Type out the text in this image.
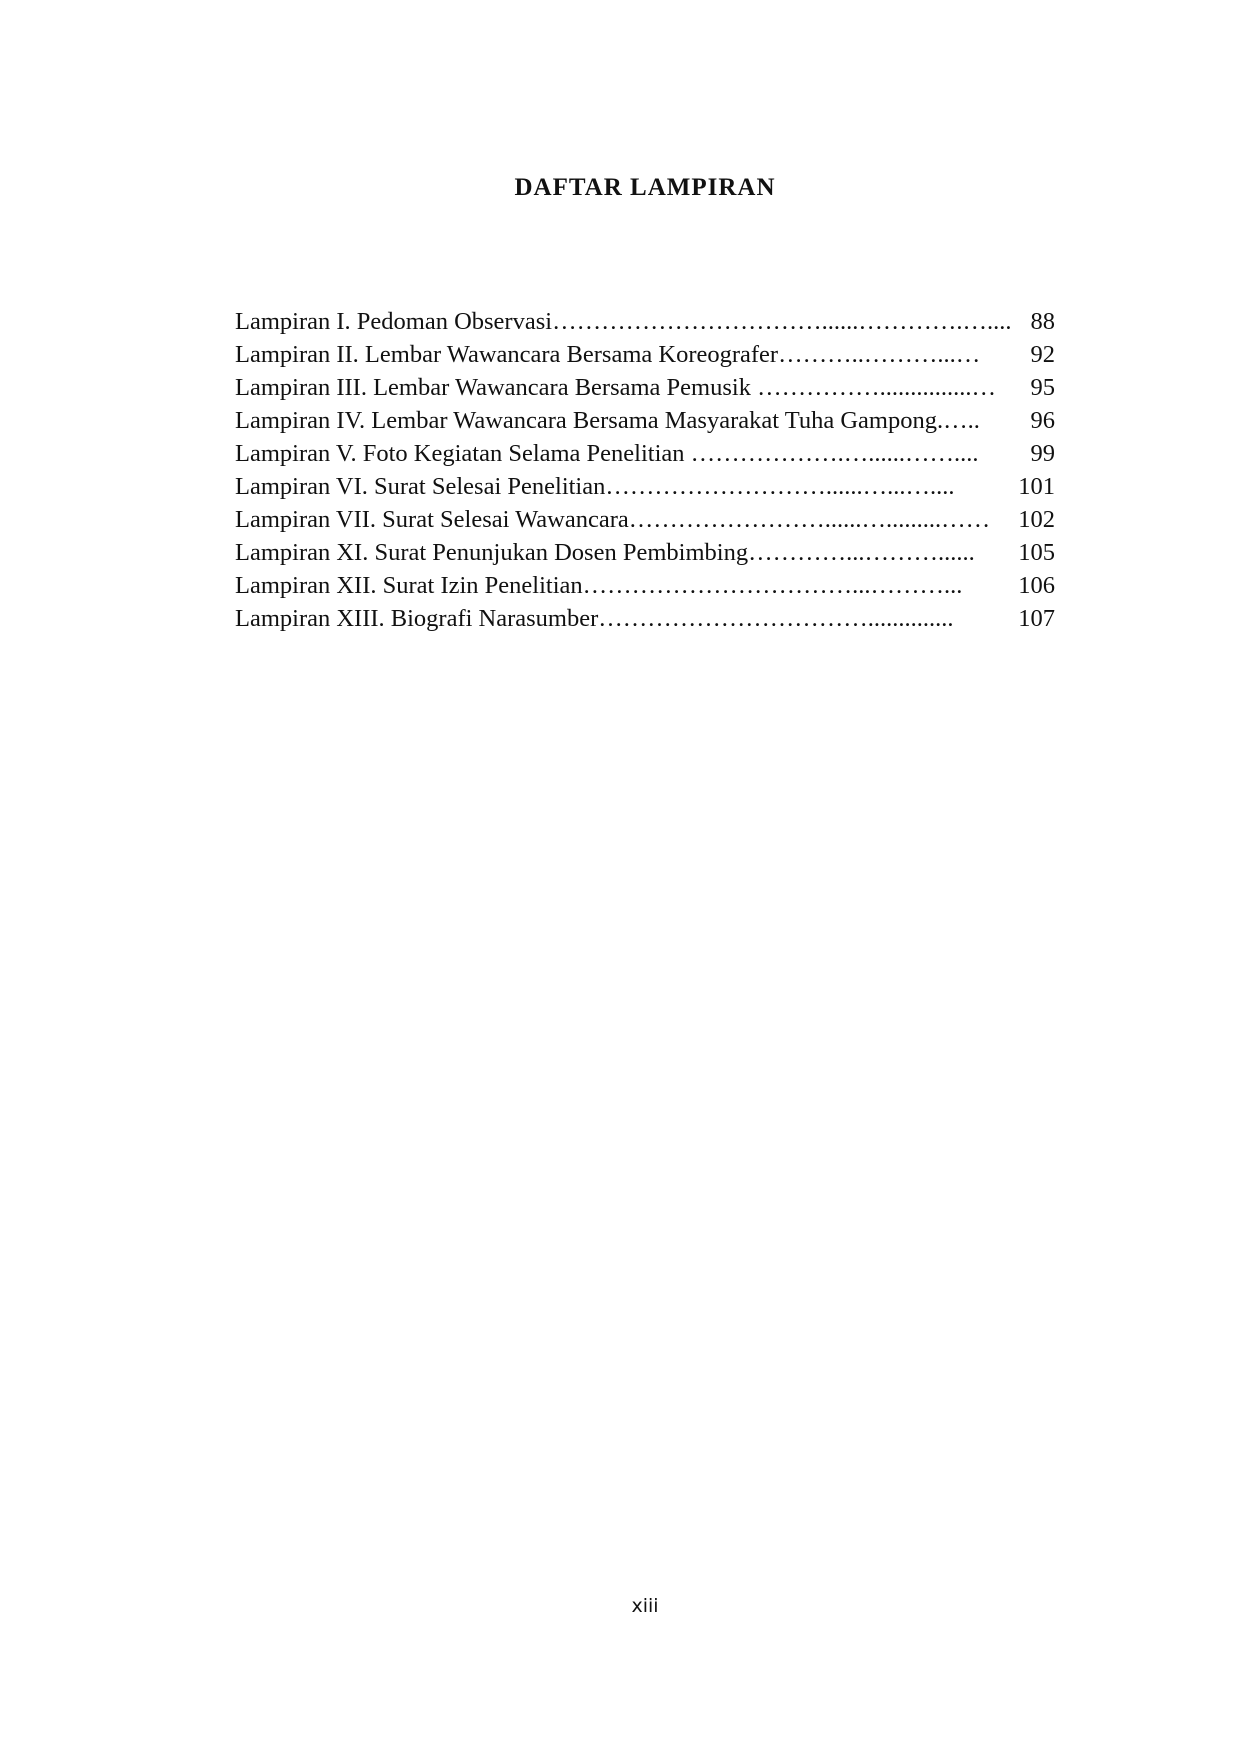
DAFTAR LAMPIRAN
Lampiran I. Pedoman Observasi……………………………......………….….... 88
Lampiran II. Lembar Wawancara Bersama Koreografer………..………...…	92
Lampiran III. Lembar Wawancara Bersama Pemusik ……………...............…	95
Lampiran IV. Lembar Wawancara Bersama Masyarakat Tuha Gampong.…..	96
Lampiran V. Foto Kegiatan Selama Penelitian ……………….…......……....	99
Lampiran VI. Surat Selesai Penelitian………………………......…...…....	101
Lampiran VII. Surat Selesai Wawancara……………………......….........……	102
Lampiran XI. Surat Penunjukan Dosen Pembimbing…………...………......	105
Lampiran XII. Surat Izin Penelitian……………………………...………...	106
Lampiran XIII. Biografi Narasumber……………………………..............	107
xiii
